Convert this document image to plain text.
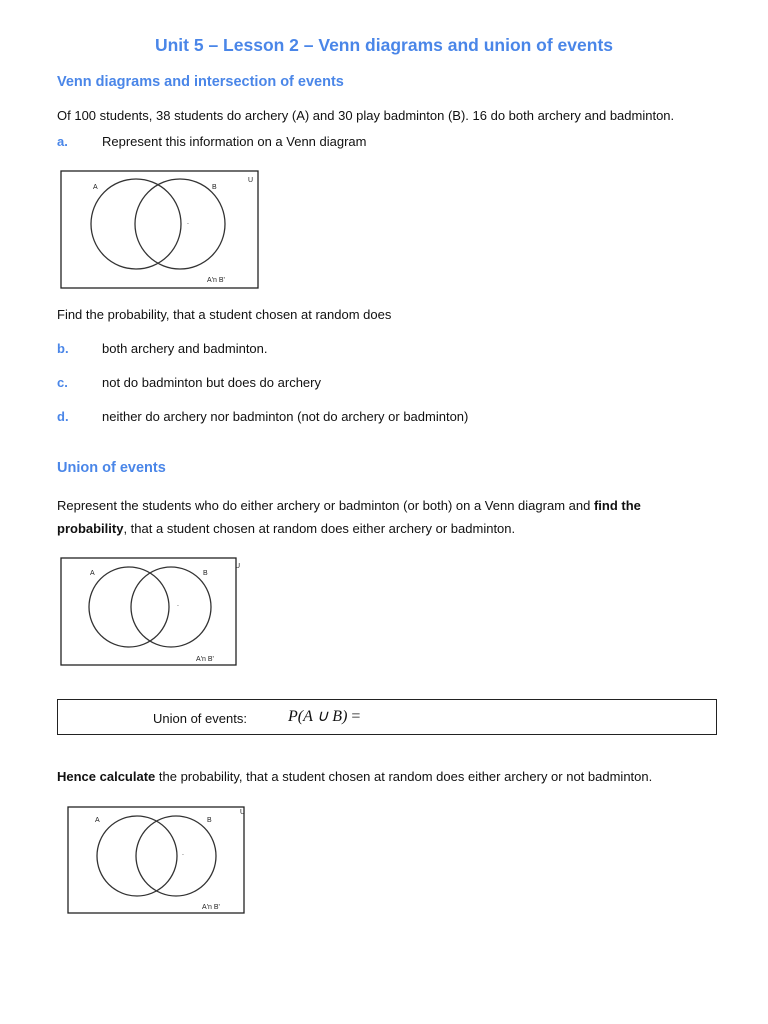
Unit 5 – Lesson 2 – Venn diagrams and union of events
Venn diagrams and intersection of events
Of 100 students, 38 students do archery (A) and 30 play badminton (B). 16 do both archery and badminton.
a.	Represent this information on a Venn diagram
A	B
U
.
A'n B'
Find the probability, that a student chosen at random does
b.	both archery and badminton.
c.	not do badminton but does do archery
d.	neither do archery nor badminton (not do archery or badminton)
Union of events
Represent the students who do either archery or badminton (or both) on a Venn diagram and find the probability, that a student chosen at random does either archery or badminton.
A	B
U
.
A'n B'
Union of events:	P(A ∪ B) =
Hence calculate the probability, that a student chosen at random does either archery or not badminton.
A	B
U
.
A'n B'
